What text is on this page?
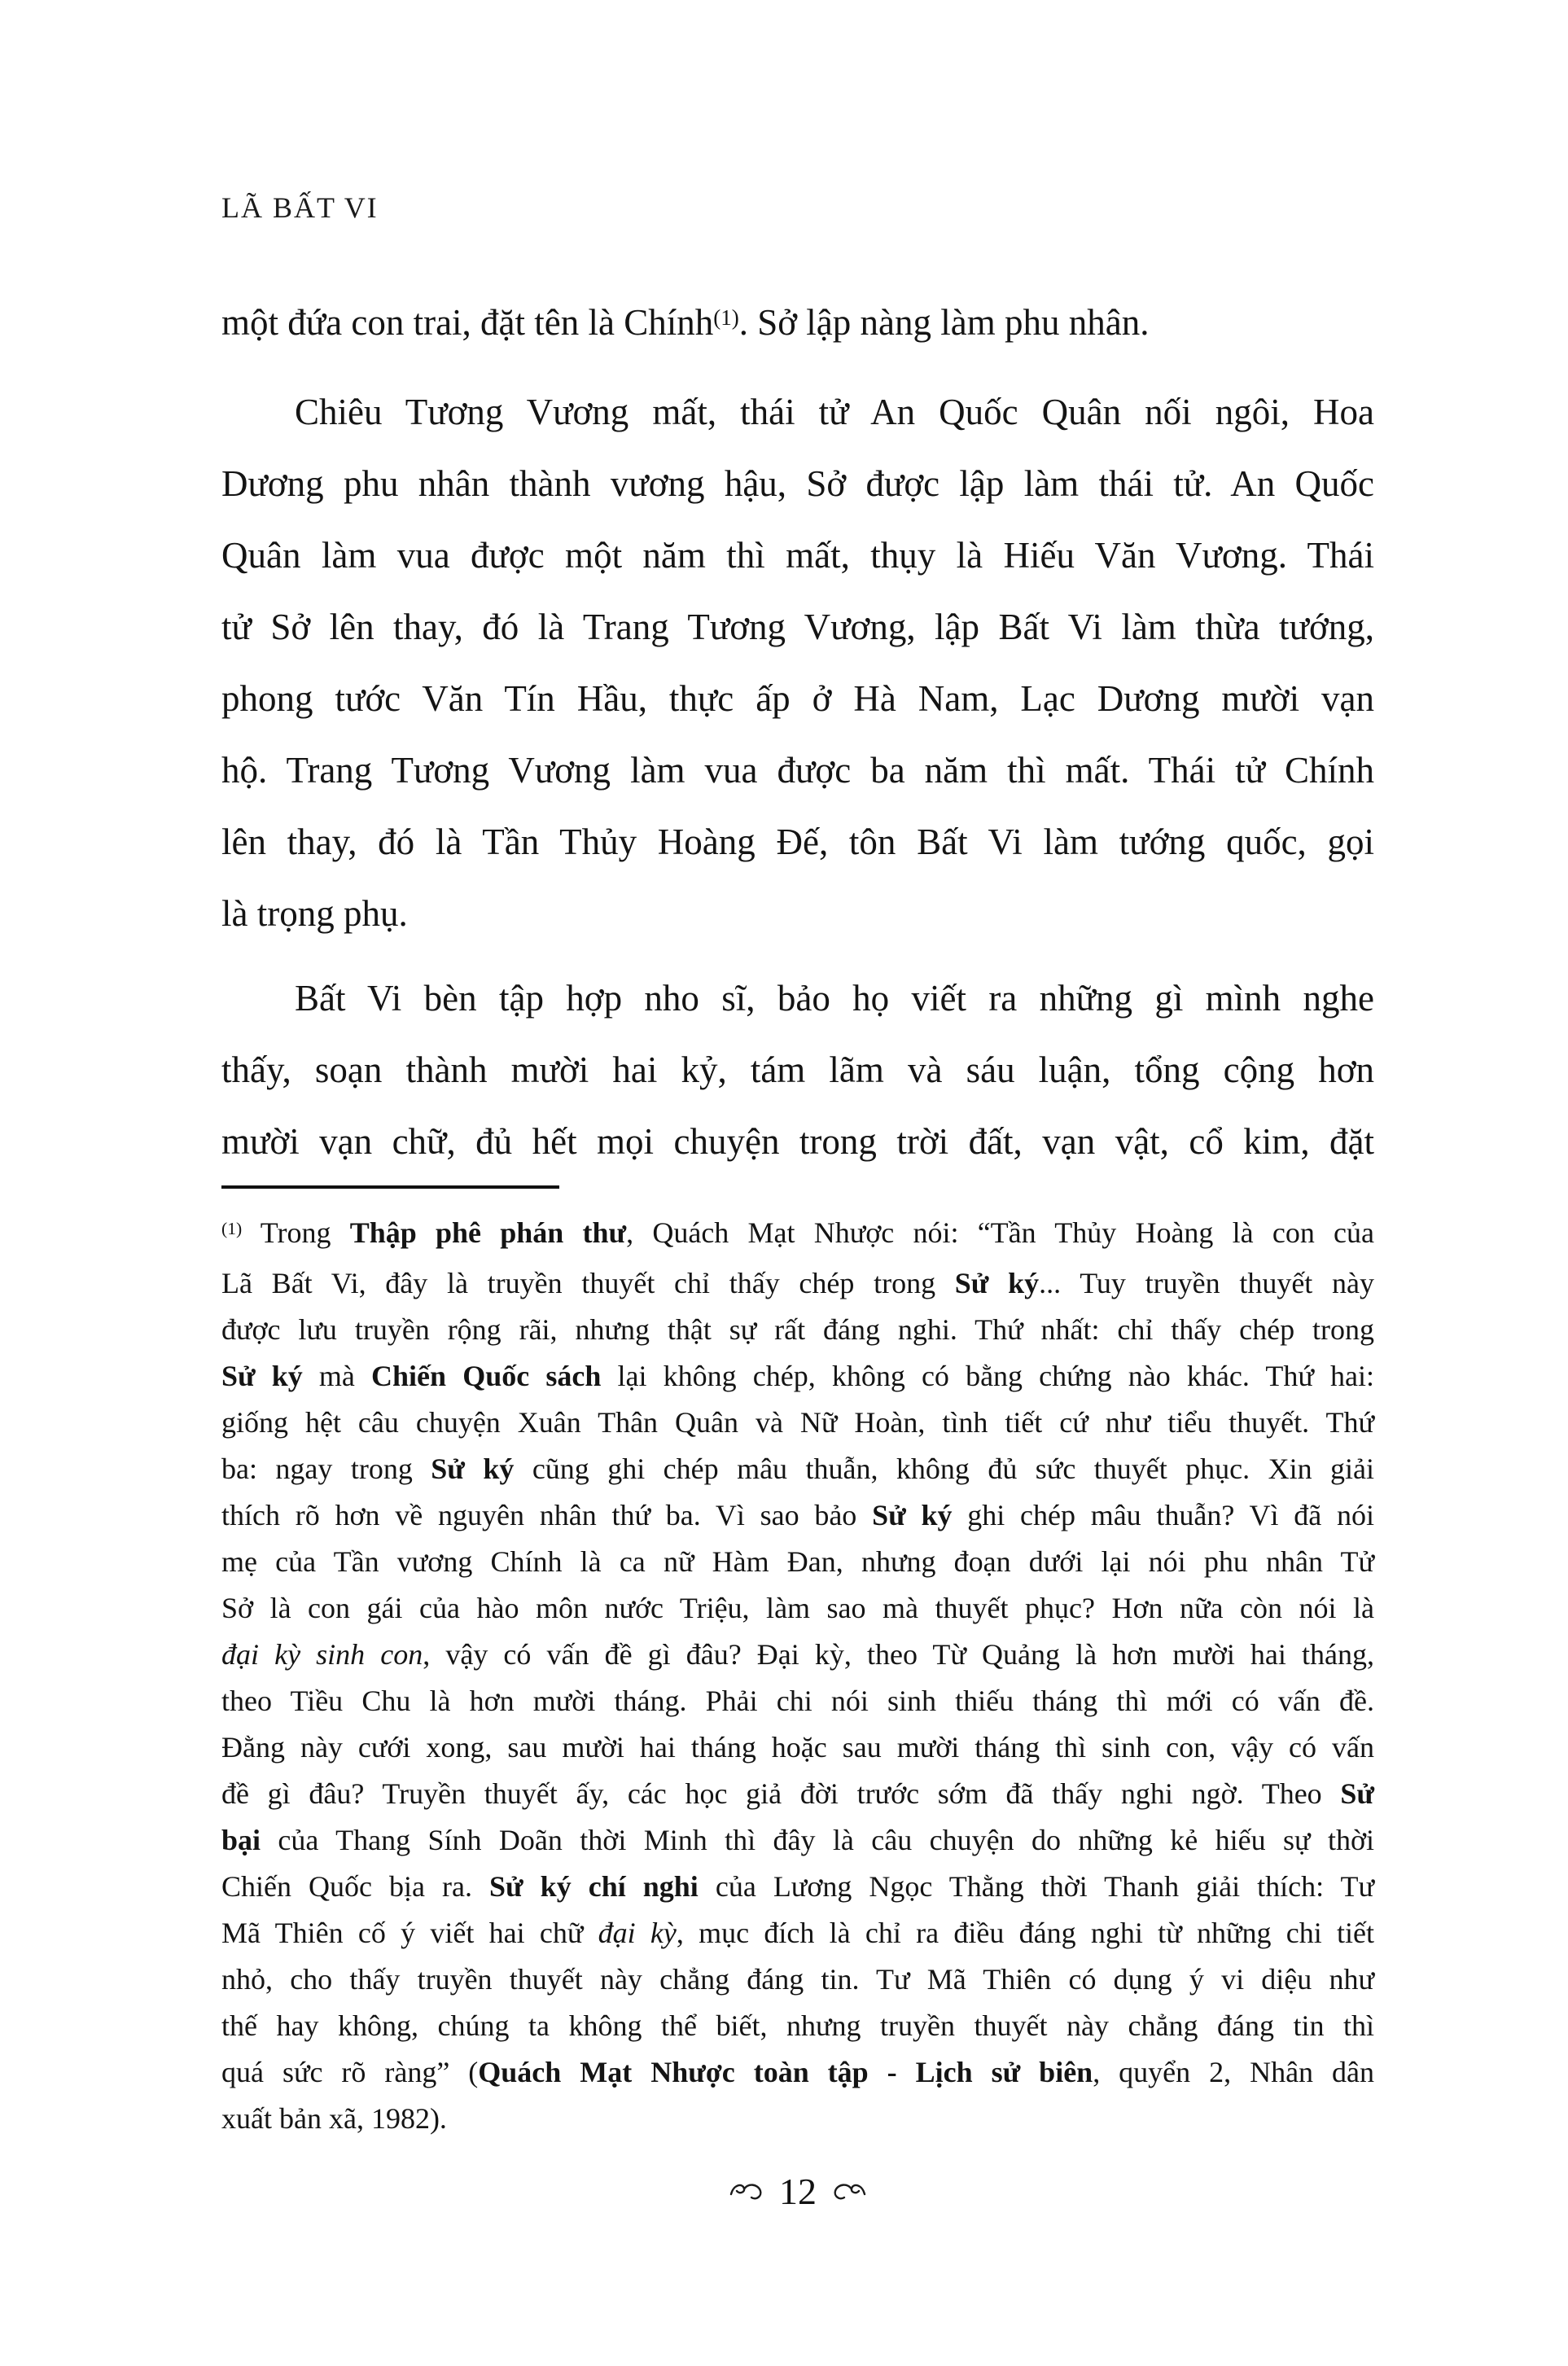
LÃ BẤT VI
một đứa con trai, đặt tên là Chính$^{(1)}$. Sở lập nàng làm phu nhân.
Chiêu Tương Vương mất, thái tử An Quốc Quân nối ngôi, Hoa
Dương phu nhân thành vương hậu, Sở được lập làm thái tử. An Quốc
Quân làm vua được một năm thì mất, thụy là Hiếu Văn Vương. Thái
tử Sở lên thay, đó là Trang Tương Vương, lập Bất Vi làm thừa tướng,
phong tước Văn Tín Hầu, thực ấp ở Hà Nam, Lạc Dương mười vạn
hộ. Trang Tương Vương làm vua được ba năm thì mất. Thái tử Chính
lên thay, đó là Tần Thủy Hoàng Đế, tôn Bất Vi làm tướng quốc, gọi
là trọng phụ.
Bất Vi bèn tập hợp nho sĩ, bảo họ viết ra những gì mình nghe
thấy, soạn thành mười hai kỷ, tám lãm và sáu luận, tổng cộng hơn
mười vạn chữ, đủ hết mọi chuyện trong trời đất, vạn vật, cổ kim, đặt
$^{(1)}$ Trong Thập phê phán thư, Quách Mạt Nhược nói: “Tần Thủy Hoàng là con của
Lã Bất Vi, đây là truyền thuyết chỉ thấy chép trong Sử ký... Tuy truyền thuyết này
được lưu truyền rộng rãi, nhưng thật sự rất đáng nghi. Thứ nhất: chỉ thấy chép trong
Sử ký mà Chiến Quốc sách lại không chép, không có bằng chứng nào khác. Thứ hai:
giống hệt câu chuyện Xuân Thân Quân và Nữ Hoàn, tình tiết cứ như tiểu thuyết. Thứ
ba: ngay trong Sử ký cũng ghi chép mâu thuẫn, không đủ sức thuyết phục. Xin giải
thích rõ hơn về nguyên nhân thứ ba. Vì sao bảo Sử ký ghi chép mâu thuẫn? Vì đã nói
mẹ của Tần vương Chính là ca nữ Hàm Đan, nhưng đoạn dưới lại nói phu nhân Tử
Sở là con gái của hào môn nước Triệu, làm sao mà thuyết phục? Hơn nữa còn nói là
đại kỳ sinh con, vậy có vấn đề gì đâu? Đại kỳ, theo Từ Quảng là hơn mười hai tháng,
theo Tiều Chu là hơn mười tháng. Phải chi nói sinh thiếu tháng thì mới có vấn đề.
Đằng này cưới xong, sau mười hai tháng hoặc sau mười tháng thì sinh con, vậy có vấn
đề gì đâu? Truyền thuyết ấy, các học giả đời trước sớm đã thấy nghi ngờ. Theo Sử
bại của Thang Sính Doãn thời Minh thì đây là câu chuyện do những kẻ hiếu sự thời
Chiến Quốc bịa ra. Sử ký chí nghi của Lương Ngọc Thằng thời Thanh giải thích: Tư
Mã Thiên cố ý viết hai chữ đại kỳ, mục đích là chỉ ra điều đáng nghi từ những chi tiết
nhỏ, cho thấy truyền thuyết này chẳng đáng tin. Tư Mã Thiên có dụng ý vi diệu như
thế hay không, chúng ta không thể biết, nhưng truyền thuyết này chẳng đáng tin thì
quá sức rõ ràng” (Quách Mạt Nhược toàn tập - Lịch sử biên, quyển 2, Nhân dân
xuất bản xã, 1982).
12
